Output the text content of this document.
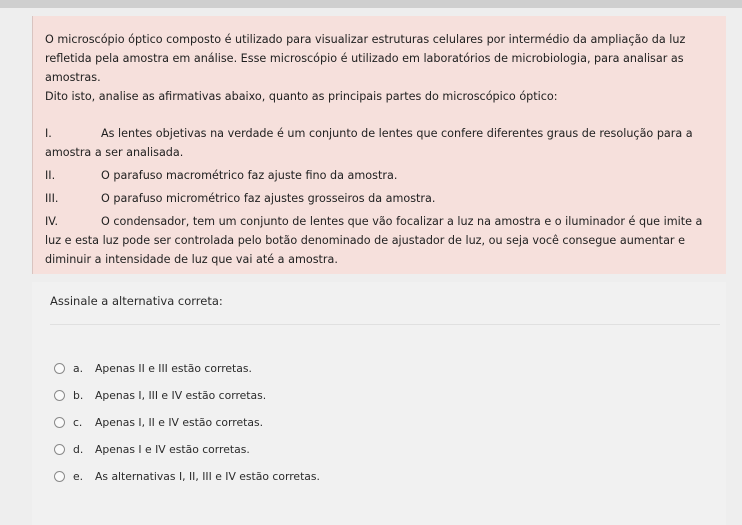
O microscópio óptico composto é utilizado para visualizar estruturas celulares por intermédio da ampliação da luz refletida pela amostra em análise. Esse microscópio é utilizado em laboratórios de microbiologia, para analisar as amostras.

Dito isto, analise as afirmativas abaixo, quanto as principais partes do microscópico óptico:

I.	As lentes objetivas na verdade é um conjunto de lentes que confere diferentes graus de resolução para a amostra a ser analisada.
II.	O parafuso macrométrico faz ajuste fino da amostra.
III.	O parafuso micrométrico faz ajustes grosseiros da amostra.
IV.	O condensador, tem um conjunto de lentes que vão focalizar a luz na amostra e o iluminador é que imite a luz e esta luz pode ser controlada pelo botão denominado de ajustador de luz, ou seja você consegue aumentar e diminuir a intensidade de luz que vai até a amostra.
Assinale a alternativa correta:
a.	Apenas II e III estão corretas.
b.	Apenas I, III e IV estão corretas.
c.	Apenas I, II e IV estão corretas.
d.	Apenas I e IV estão corretas.
e.	As alternativas I, II, III e IV estão corretas.
